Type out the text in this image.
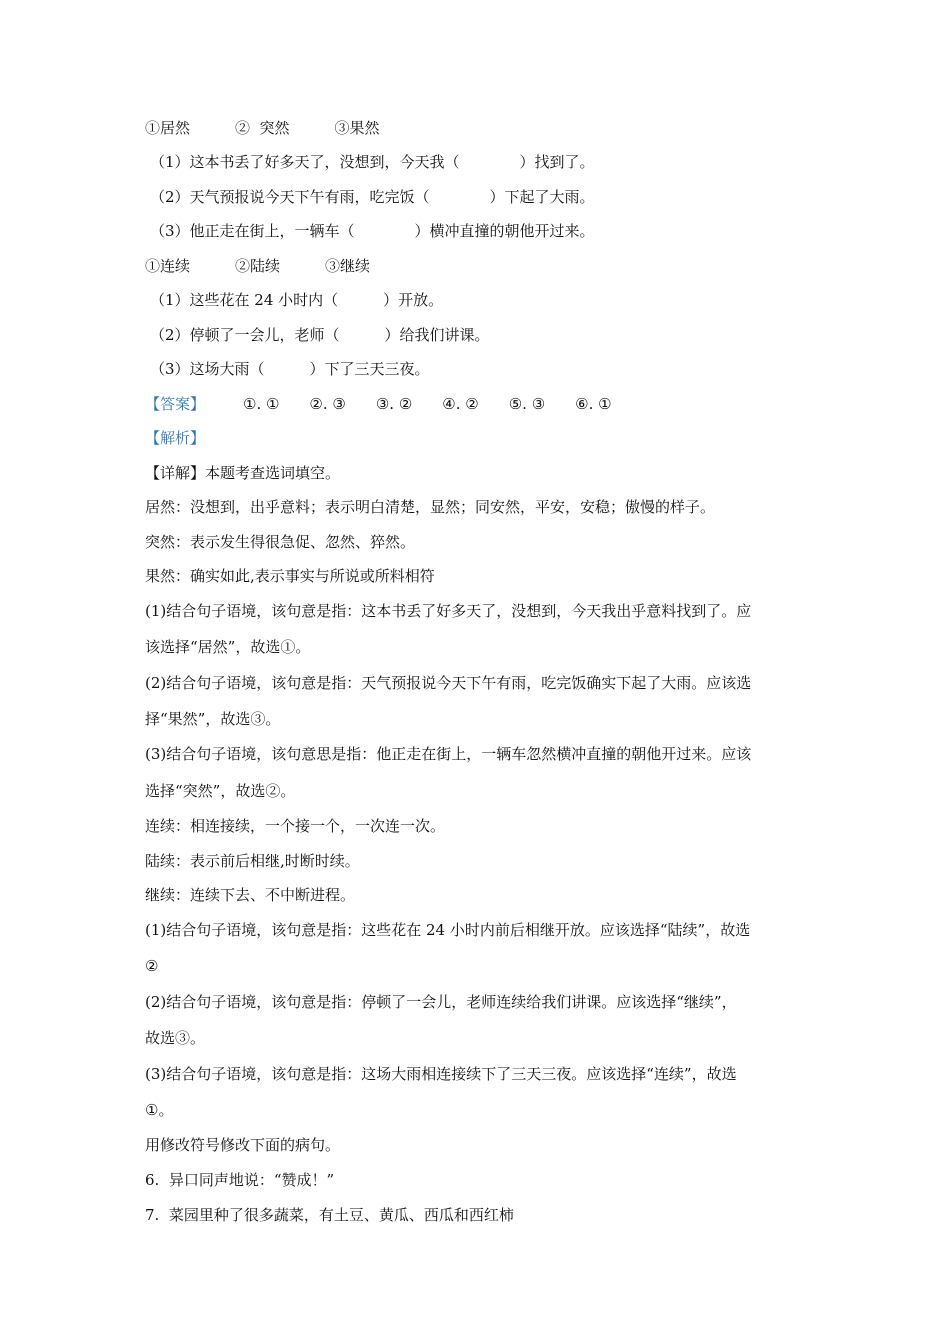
①居然　　　②  突然　　　③果然
（1）这本书丢了好多天了，没想到，今天我（　　　　）找到了。
（2）天气预报说今天下午有雨，吃完饭（　　　　）下起了大雨。
（3）他正走在街上，一辆车（　　　　）横冲直撞的朝他开过来。
①连续　　　②陆续　　　③继续
（1）这些花在 24 小时内（　　　）开放。
（2）停顿了一会儿，老师（　　　）给我们讲课。
（3）这场大雨（　　　）下了三天三夜。
【答案】	①. ①　　②. ③　　③. ②　　④. ②　　⑤. ③　　⑥. ①
【解析】
【详解】本题考查选词填空。
居然：没想到，出乎意料；表示明白清楚，显然；同安然，平安，安稳；傲慢的样子。
突然：表示发生得很急促、忽然、猝然。
果然：确实如此,表示事实与所说或所料相符
(1)结合句子语境，该句意是指：这本书丢了好多天了，没想到，今天我出乎意料找到了。应
该选择“居然”，故选①。
(2)结合句子语境，该句意是指：天气预报说今天下午有雨，吃完饭确实下起了大雨。应该选
择“果然”，故选③。
(3)结合句子语境，该句意思是指：他正走在街上，一辆车忽然横冲直撞的朝他开过来。应该
选择“突然”，故选②。
连续：相连接续，一个接一个，一次连一次。
陆续：表示前后相继,时断时续。
继续：连续下去、不中断进程。
(1)结合句子语境，该句意是指：这些花在 24 小时内前后相继开放。应该选择“陆续”，故选
②
(2)结合句子语境，该句意是指：停顿了一会儿，老师连续给我们讲课。应该选择“继续”，
故选③。
(3)结合句子语境，该句意是指：这场大雨相连接续下了三天三夜。应该选择“连续”，故选
①。
用修改符号修改下面的病句。
6.  异口同声地说：“赞成！”
7.  菜园里种了很多蔬菜，有土豆、黄瓜、西瓜和西红柿
